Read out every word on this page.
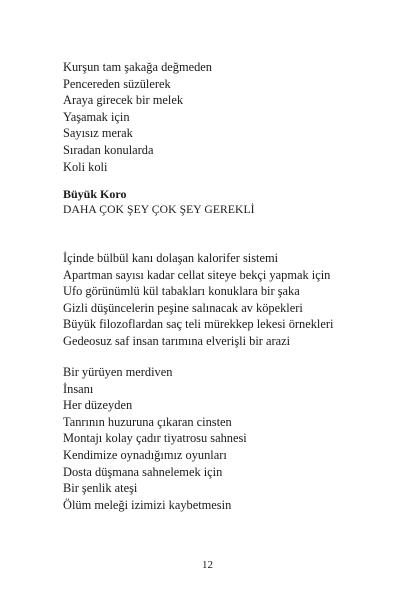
Kurşun tam şakağa değmeden
Pencereden süzülerek
Araya girecek bir melek
Yaşamak için
Sayısız merak
Sıradan konularda
Koli koli
Büyük Koro
DAHA ÇOK ŞEY ÇOK ŞEY GEREKLİ
İçinde bülbül kanı dolaşan kalorifer sistemi
Apartman sayısı kadar cellat siteye bekçi yapmak için
Ufo görünümlü kül tabakları konuklara bir şaka
Gizli düşüncelerin peşine salınacak av köpekleri
Büyük filozoflardan saç teli mürekkep lekesi örnekleri
Gedeosuz saf insan tarımına elverişli bir arazi
Bir yürüyen merdiven
İnsanı
Her düzeyden
Tanrının huzuruna çıkaran cinsten
Montajı kolay çadır tiyatrosu sahnesi
Kendimize oynadığımız oyunları
Dosta düşmana sahnelemek için
Bir şenlik ateşi
Ölüm meleği izimizi kaybetmesin
12
